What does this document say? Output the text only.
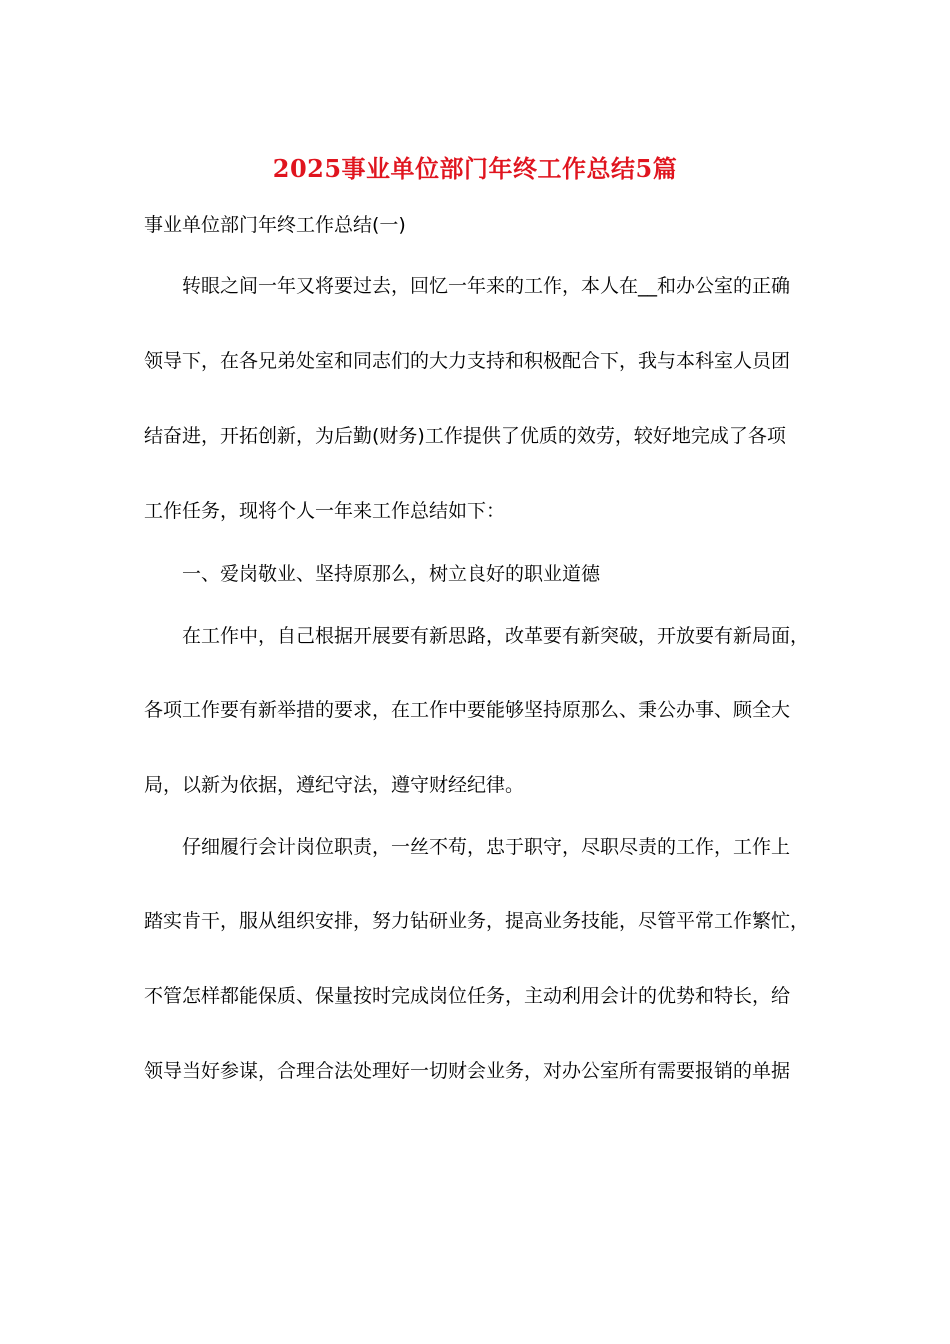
2025事业单位部门年终工作总结5篇

事业单位部门年终工作总结(一)

转眼之间一年又将要过去，回忆一年来的工作，本人在__和办公室的正确

领导下，在各兄弟处室和同志们的大力支持和积极配合下，我与本科室人员团

结奋进，开拓创新，为后勤(财务)工作提供了优质的效劳，较好地完成了各项

工作任务，现将个人一年来工作总结如下：

一、爱岗敬业、坚持原那么，树立良好的职业道德

在工作中，自己根据开展要有新思路，改革要有新突破，开放要有新局面，

各项工作要有新举措的要求，在工作中要能够坚持原那么、秉公办事、顾全大

局，以新为依据，遵纪守法，遵守财经纪律。

仔细履行会计岗位职责，一丝不苟，忠于职守，尽职尽责的工作，工作上

踏实肯干，服从组织安排，努力钻研业务，提高业务技能，尽管平常工作繁忙，

不管怎样都能保质、保量按时完成岗位任务，主动利用会计的优势和特长，给

领导当好参谋，合理合法处理好一切财会业务，对办公室所有需要报销的单据
